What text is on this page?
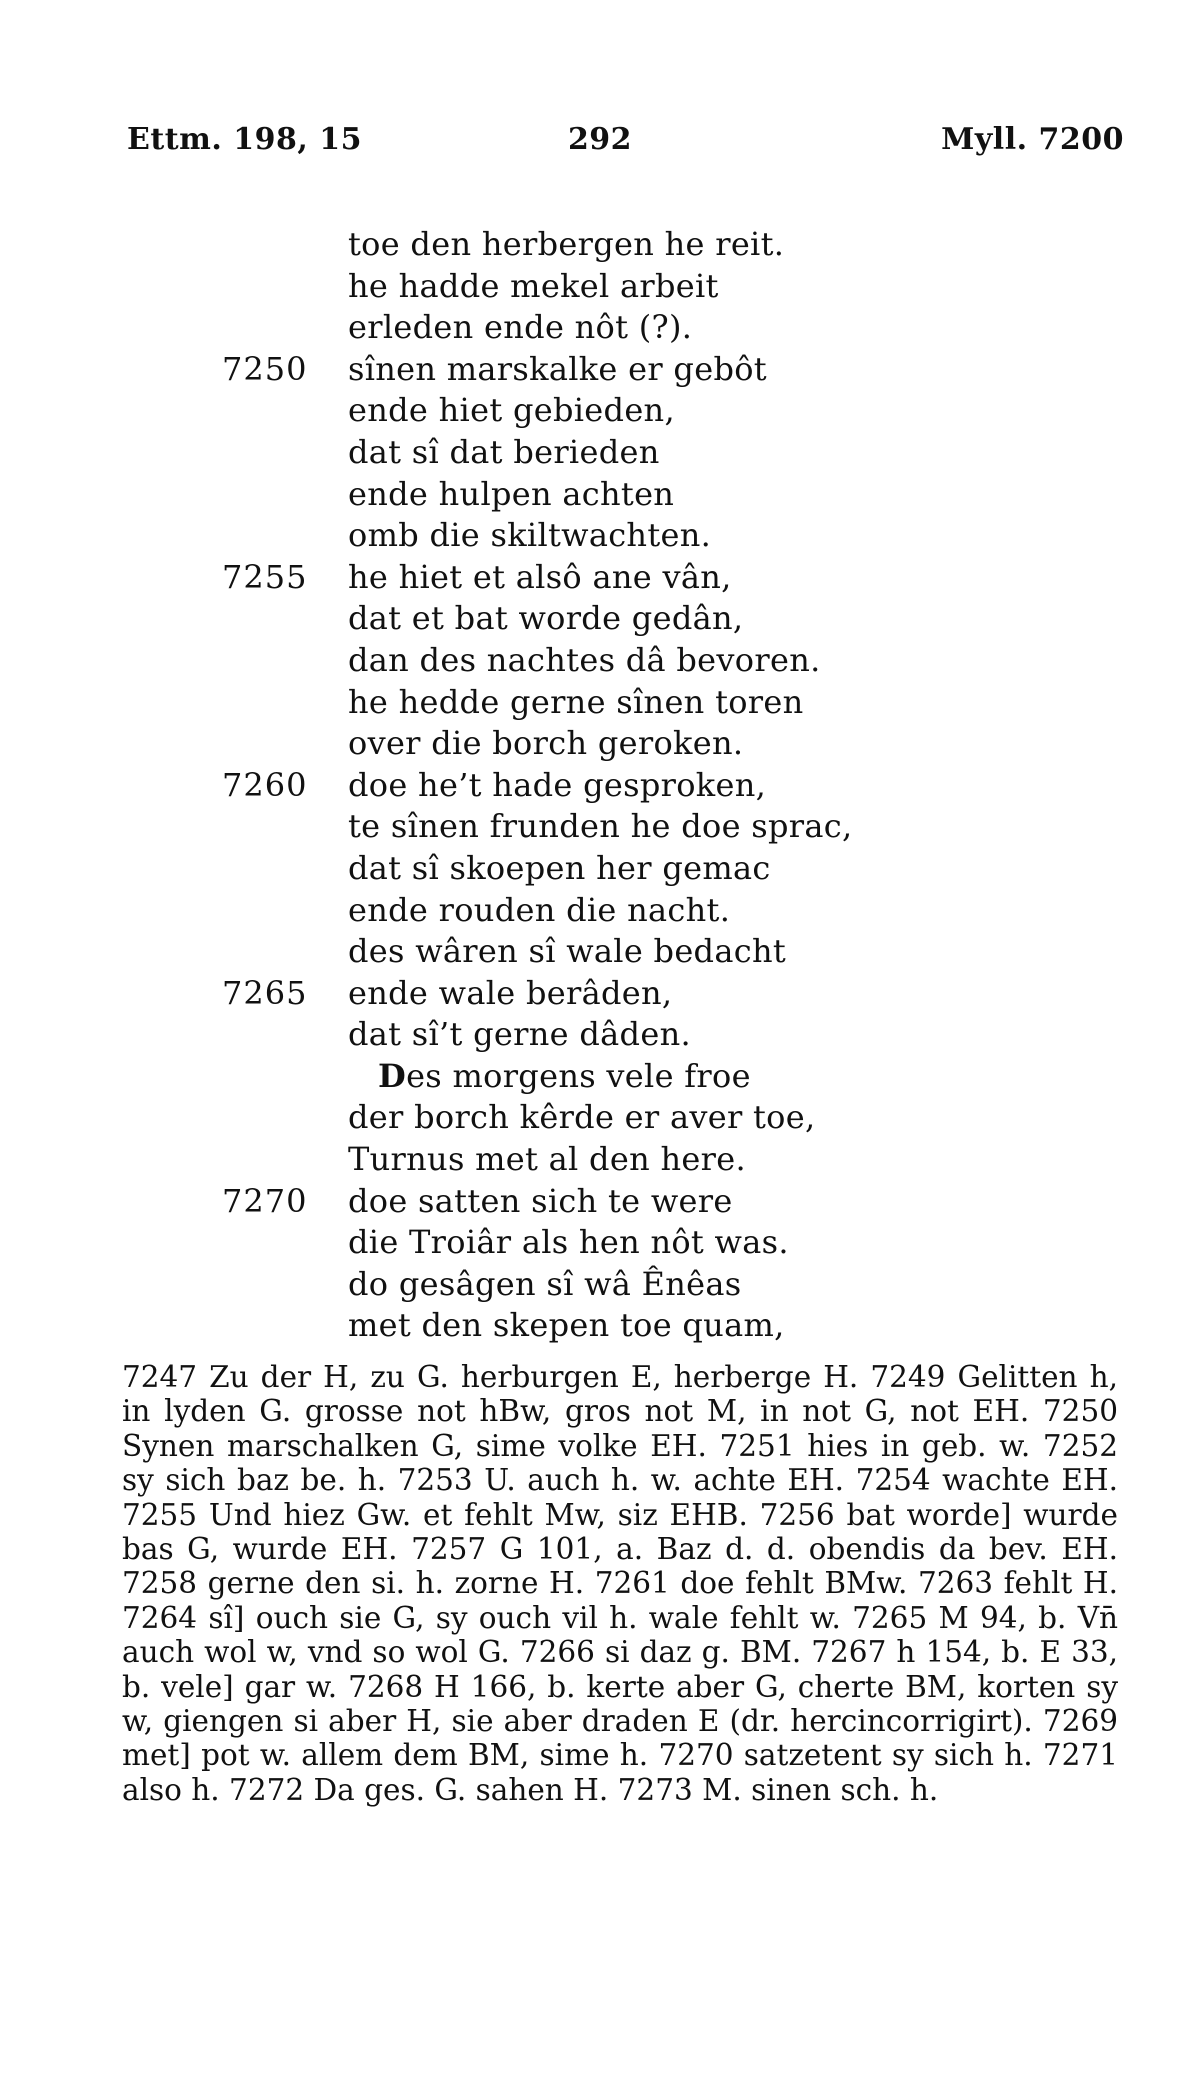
Ettm. 198, 15	292	Myll. 7200
toe den herbergen he reit.
he hadde mekel arbeit
erleden ende nôt (?).
7250 sînen marskalke er gebôt
ende hiet gebieden,
dat sî dat berieden
ende hulpen achten
omb die skiltwachten.
7255 he hiet et alsô ane vân,
dat et bat worde gedân,
dan des nachtes dâ bevoren.
he hedde gerne sînen toren
over die borch geroken.
7260 doe he’t hade gesproken,
te sînen frunden he doe sprac,
dat sî skoepen her gemac
ende rouden die nacht.
des wâren sî wale bedacht
7265 ende wale berâden,
dat sî’t gerne dâden.
Des morgens vele froe
der borch kêrde er aver toe,
Turnus met al den here.
7270 doe satten sich te were
die Troiâr als hen nôt was.
do gesâgen sî wâ Ênêas
met den skepen toe quam,

7247 Zu der H, zu G. herburgen E, herberge H. 7249 Gelitten h, in lyden G. grosse not hBw, gros not M, in not G, not EH. 7250 Synen marschalken G, sime volke EH. 7251 hies in geb. w. 7252 sy sich baz be. h. 7253 U. auch h. w. achte EH. 7254 wachte EH. 7255 Und hiez Gw. et fehlt Mw, siz EHB. 7256 bat worde] wurde bas G, wurde EH. 7257 G 101, a. Baz d. d. obendis da bev. EH. 7258 gerne den si. h. zorne H. 7261 doe fehlt BMw. 7263 fehlt H. 7264 sî] ouch sie G, sy ouch vil h. wale fehlt w. 7265 M 94, b. Vn̄ auch wol w, vnd so wol G. 7266 si daz g. BM. 7267 h 154, b. E 33, b. vele] gar w. 7268 H 166, b. kerte aber G, cherte BM, korten sy w, giengen si aber H, sie aber draden E (dr. hercincorrigirt). 7269 met] pot w. allem dem BM, sime h. 7270 satzetent sy sich h. 7271 also h. 7272 Da ges. G. sahen H. 7273 M. sinen sch. h.
